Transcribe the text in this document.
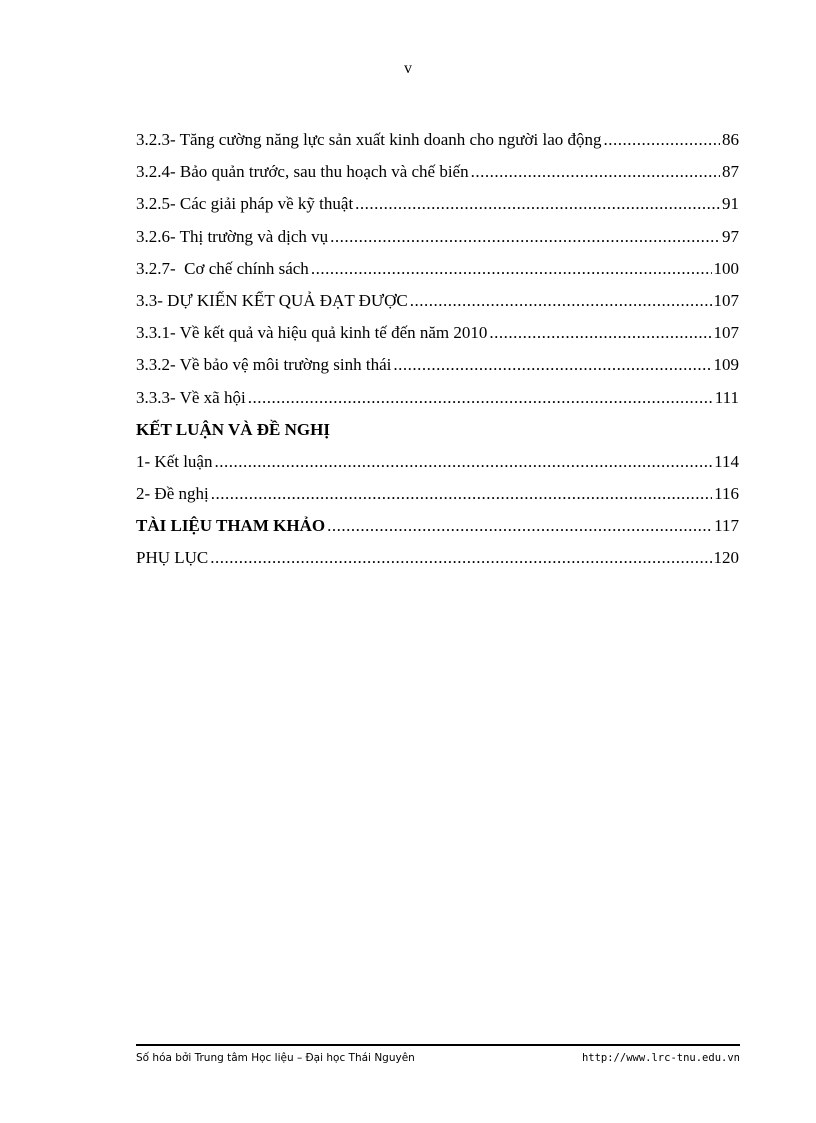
v
3.2.3- Tăng cường năng lực sản xuất kinh doanh cho người lao động .....	86
3.2.4- Bảo quản trước, sau thu hoạch và chế biến .....	87
3.2.5- Các giải pháp về kỹ thuật .....	91
3.2.6- Thị trường và dịch vụ .....	97
3.2.7-  Cơ chế chính sách .....	100
3.3- DỰ KIẾN KẾT QUẢ ĐẠT ĐƯỢC .....	107
3.3.1- Về kết quả và hiệu quả kinh tế đến năm 2010 .....	107
3.3.2- Về bảo vệ môi trường sinh thái .....	109
3.3.3- Về xã hội .....	111
KẾT LUẬN VÀ ĐỀ NGHỊ
1- Kết luận .....	114
2- Đề nghị .....	116
TÀI LIỆU THAM KHẢO .....	117
PHỤ LỤC .....	120
Số hóa bởi Trung tâm Học liệu – Đại học Thái Nguyên	http://www.lrc-tnu.edu.vn
